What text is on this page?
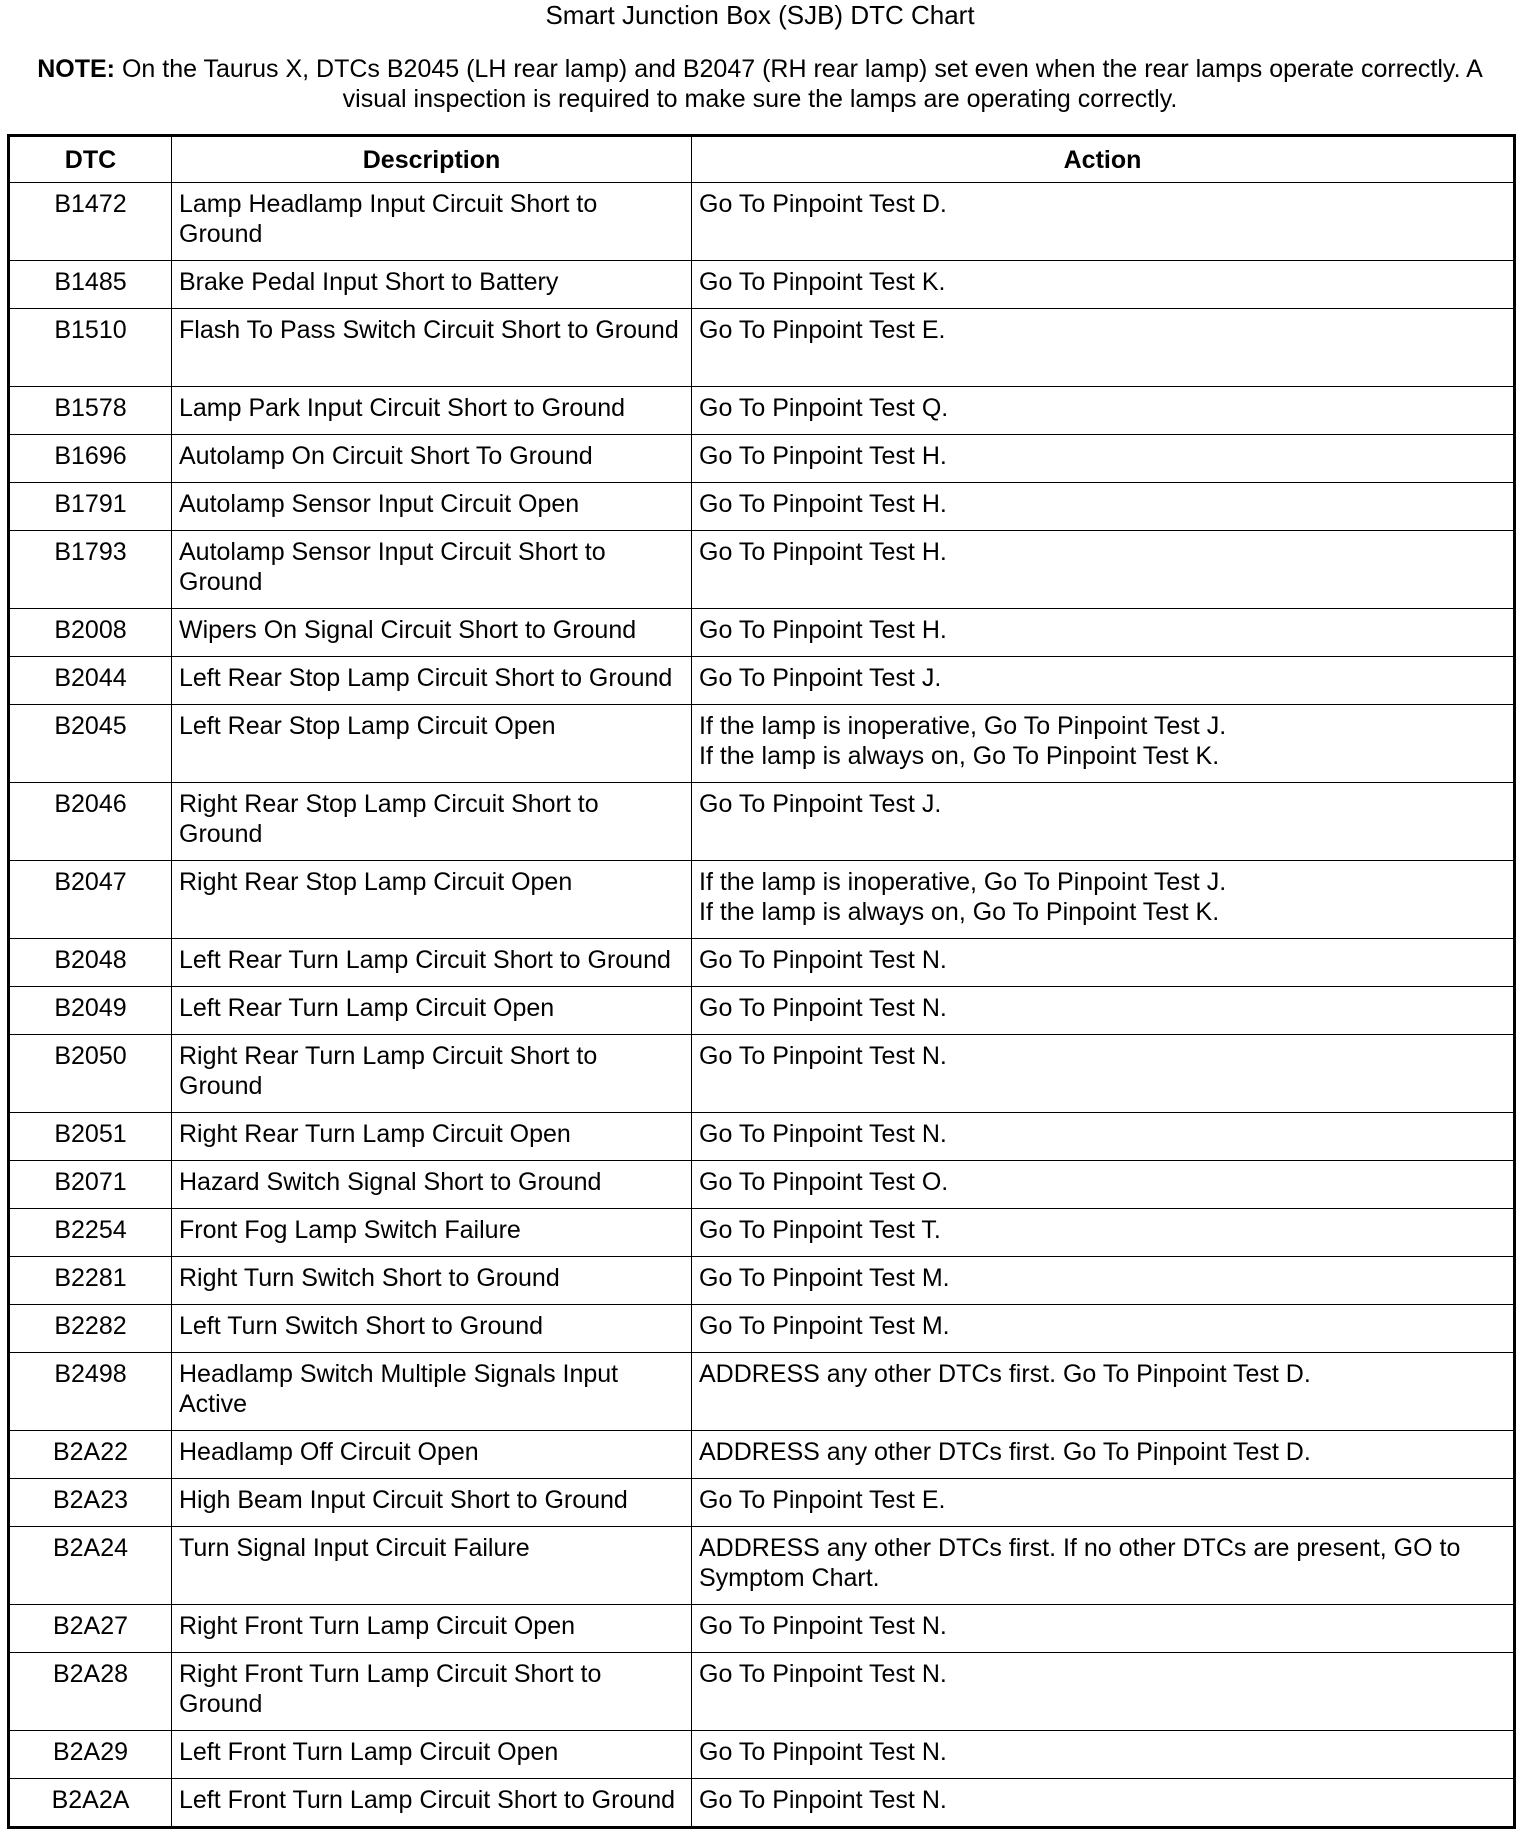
Smart Junction Box (SJB) DTC Chart
NOTE: On the Taurus X, DTCs B2045 (LH rear lamp) and B2047 (RH rear lamp) set even when the rear lamps operate correctly. A visual inspection is required to make sure the lamps are operating correctly.
DTC	Description	Action
B1472	Lamp Headlamp Input Circuit Short to Ground	Go To Pinpoint Test D.

B1485	Brake Pedal Input Short to Battery	Go To Pinpoint Test K.

B1510	Flash To Pass Switch Circuit Short to Ground	Go To Pinpoint Test E.

B1578	Lamp Park Input Circuit Short to Ground	Go To Pinpoint Test Q.

B1696	Autolamp On Circuit Short To Ground	Go To Pinpoint Test H.

B1791	Autolamp Sensor Input Circuit Open	Go To Pinpoint Test H.

B1793	Autolamp Sensor Input Circuit Short to Ground	Go To Pinpoint Test H.

B2008	Wipers On Signal Circuit Short to Ground	Go To Pinpoint Test H.

B2044	Left Rear Stop Lamp Circuit Short to Ground	Go To Pinpoint Test J.

B2045	Left Rear Stop Lamp Circuit Open	If the lamp is inoperative, Go To Pinpoint Test J.
If the lamp is always on, Go To Pinpoint Test K.

B2046	Right Rear Stop Lamp Circuit Short to Ground	Go To Pinpoint Test J.

B2047	Right Rear Stop Lamp Circuit Open	If the lamp is inoperative, Go To Pinpoint Test J.
If the lamp is always on, Go To Pinpoint Test K.

B2048	Left Rear Turn Lamp Circuit Short to Ground	Go To Pinpoint Test N.

B2049	Left Rear Turn Lamp Circuit Open	Go To Pinpoint Test N.

B2050	Right Rear Turn Lamp Circuit Short to Ground	Go To Pinpoint Test N.

B2051	Right Rear Turn Lamp Circuit Open	Go To Pinpoint Test N.

B2071	Hazard Switch Signal Short to Ground	Go To Pinpoint Test O.

B2254	Front Fog Lamp Switch Failure	Go To Pinpoint Test T.

B2281	Right Turn Switch Short to Ground	Go To Pinpoint Test M.

B2282	Left Turn Switch Short to Ground	Go To Pinpoint Test M.

B2498	Headlamp Switch Multiple Signals Input Active	ADDRESS any other DTCs first. Go To Pinpoint Test D.

B2A22	Headlamp Off Circuit Open	ADDRESS any other DTCs first. Go To Pinpoint Test D.

B2A23	High Beam Input Circuit Short to Ground	Go To Pinpoint Test E.

B2A24	Turn Signal Input Circuit Failure	ADDRESS any other DTCs first. If no other DTCs are present, GO to Symptom Chart.

B2A27	Right Front Turn Lamp Circuit Open	Go To Pinpoint Test N.

B2A28	Right Front Turn Lamp Circuit Short to Ground	Go To Pinpoint Test N.

B2A29	Left Front Turn Lamp Circuit Open	Go To Pinpoint Test N.

B2A2A	Left Front Turn Lamp Circuit Short to Ground	Go To Pinpoint Test N.
